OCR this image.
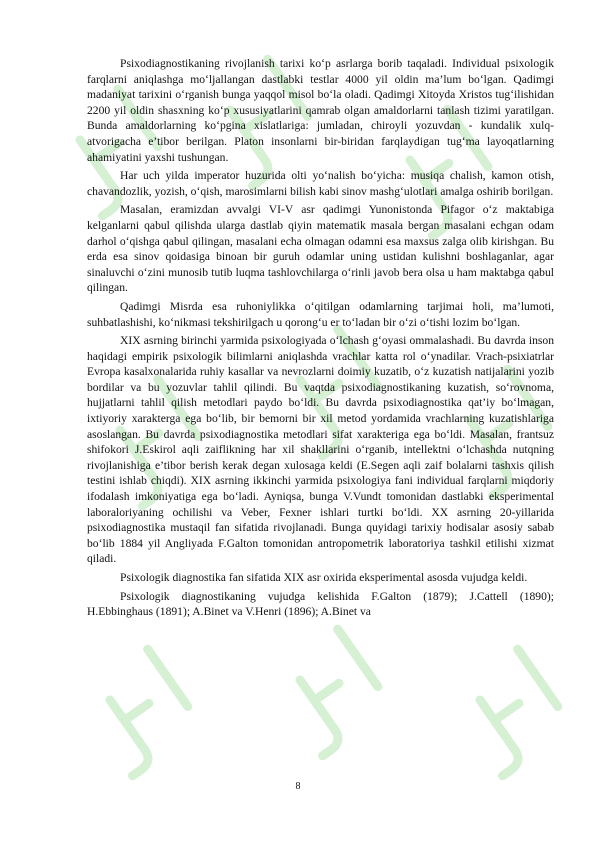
Psixodiagnostikaning rivojlanish tarixi ko‘p asrlarga borib taqaladi. Individual psixologik farqlarni aniqlashga mo‘ljallangan dastlabki testlar 4000 yil oldin ma’lum bo‘lgan. Qadimgi madaniyat tarixini o‘rganish bunga yaqqol misol bo‘la oladi. Qadimgi Xitoyda Xristos tug‘ilishidan 2200 yil oldin shasxning ko‘p xususiyatlarini qamrab olgan amaldorlarni tanlash tizimi yaratilgan. Bunda amaldorlarning ko‘pgina xislatlariga: jumladan, chiroyli yozuvdan - kundalik xulq-atvorigacha e’tibor berilgan. Platon insonlarni bir-biridan farqlaydigan tug‘ma layoqatlarning ahamiyatini yaxshi tushungan.

Har uch yilda imperator huzurida olti yo‘nalish bo‘yicha: musiqa chalish, kamon otish, chavandozlik, yozish, o‘qish, marosimlarni bilish kabi sinov mashg‘ulotlari amalga oshirib borilgan.

Masalan, eramizdan avvalgi VI-V asr qadimgi Yunonistonda Pifagor o‘z maktabiga kelganlarni qabul qilishda ularga dastlab qiyin matematik masala bergan masalani echgan odam darhol o‘qishga qabul qilingan, masalani echa olmagan odamni esa maxsus zalga olib kirishgan. Bu erda esa sinov qoidasiga binoan bir guruh odamlar uning ustidan kulishni boshlaganlar, agar sinaluvchi o‘zini munosib tutib luqma tashlovchilarga o‘rinli javob bera olsa u ham maktabga qabul qilingan.

Qadimgi Misrda esa ruhoniylikka o‘qitilgan odamlarning tarjimai holi, ma’lumoti, suhbatlashishi, ko‘nikmasi tekshirilgach u qorong‘u er to‘ladan bir o‘zi o‘tishi lozim bo‘lgan.

XIX asrning birinchi yarmida psixologiyada o‘lchash g‘oyasi ommalashadi. Bu davrda inson haqidagi empirik psixologik bilimlarni aniqlashda vrachlar katta rol o‘ynadilar. Vrach-psixiatrlar Evropa kasalxonalarida ruhiy kasallar va nevrozlarni doimiy kuzatib, o‘z kuzatish natijalarini yozib bordilar va bu yozuvlar tahlil qilindi. Bu vaqtda psixodiagnostikaning kuzatish, so‘rovnoma, hujjatlarni tahlil qilish metodlari paydo bo‘ldi. Bu davrda psixodiagnostika qat’iy bo‘lmagan, ixtiyoriy xarakterga ega bo‘lib, bir bemorni bir xil metod yordamida vrachlarning kuzatishlariga asoslangan. Bu davrda psixodiagnostika metodlari sifat xarakteriga ega bo‘ldi. Masalan, frantsuz shifokori J.Eskirol aqli zaiflikning har xil shakllarini o‘rganib, intellektni o‘lchashda nutqning rivojlanishiga e’tibor berish kerak degan xulosaga keldi (E.Segen aqli zaif bolalarni tashxis qilish testini ishlab chiqdi). XIX asrning ikkinchi yarmida psixologiya fani individual farqlarni miqdoriy ifodalash imkoniyatiga ega bo‘ladi. Ayniqsa, bunga V.Vundt tomonidan dastlabki eksperimental laboraloriyaning ochilishi va Veber, Fexner ishlari turtki bo‘ldi. XX asrning 20-yillarida psixodiagnostika mustaqil fan sifatida rivojlanadi. Bunga quyidagi tarixiy hodisalar asosiy sabab bo‘lib 1884 yil Angliyada F.Galton tomonidan antropometrik laboratoriya tashkil etilishi xizmat qiladi.

Psixologik diagnostika fan sifatida XIX asr oxirida eksperimental asosda vujudga keldi.

Psixologik diagnostikaning vujudga kelishida F.Galton (1879); J.Cattell (1890); H.Ebbinghaus (1891); A.Binet va V.Henri (1896); A.Binet va

8
